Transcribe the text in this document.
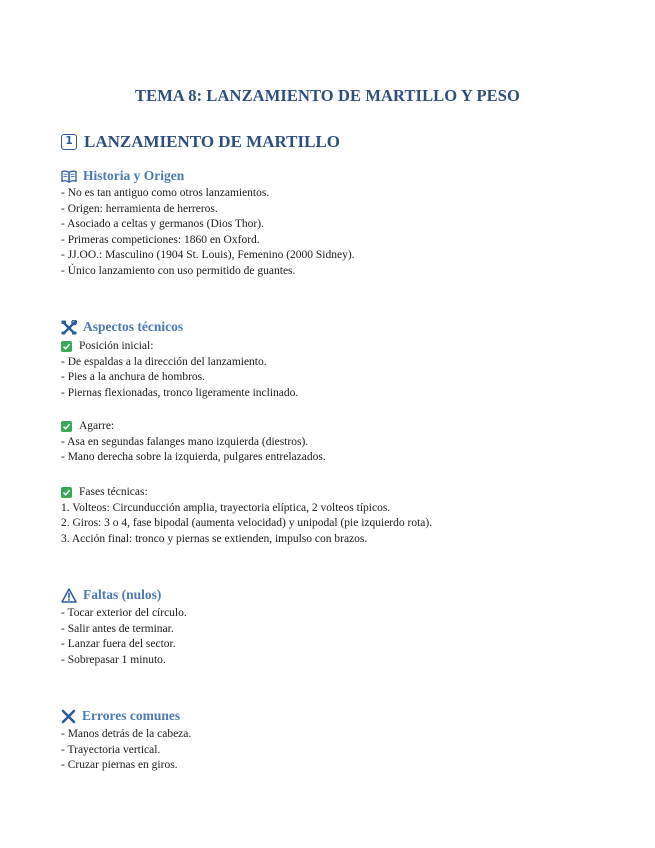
TEMA 8: LANZAMIENTO DE MARTILLO Y PESO
1 LANZAMIENTO DE MARTILLO
Historia y Origen
- No es tan antiguo como otros lanzamientos.
- Origen: herramienta de herreros.
- Asociado a celtas y germanos (Dios Thor).
- Primeras competiciones: 1860 en Oxford.
- JJ.OO.: Masculino (1904 St. Louis), Femenino (2000 Sidney).
- Único lanzamiento con uso permitido de guantes.
Aspectos técnicos
Posición inicial:
- De espaldas a la dirección del lanzamiento.
- Pies a la anchura de hombros.
- Piernas flexionadas, tronco ligeramente inclinado.
Agarre:
- Asa en segundas falanges mano izquierda (diestros).
- Mano derecha sobre la izquierda, pulgares entrelazados.
Fases técnicas:
1. Volteos: Circunducción amplia, trayectoria elíptica, 2 volteos típicos.
2. Giros: 3 o 4, fase bipodal (aumenta velocidad) y unipodal (pie izquierdo rota).
3. Acción final: tronco y piernas se extienden, impulso con brazos.
Faltas (nulos)
- Tocar exterior del círculo.
- Salir antes de terminar.
- Lanzar fuera del sector.
- Sobrepasar 1 minuto.
Errores comunes
- Manos detrás de la cabeza.
- Trayectoria vertical.
- Cruzar piernas en giros.
